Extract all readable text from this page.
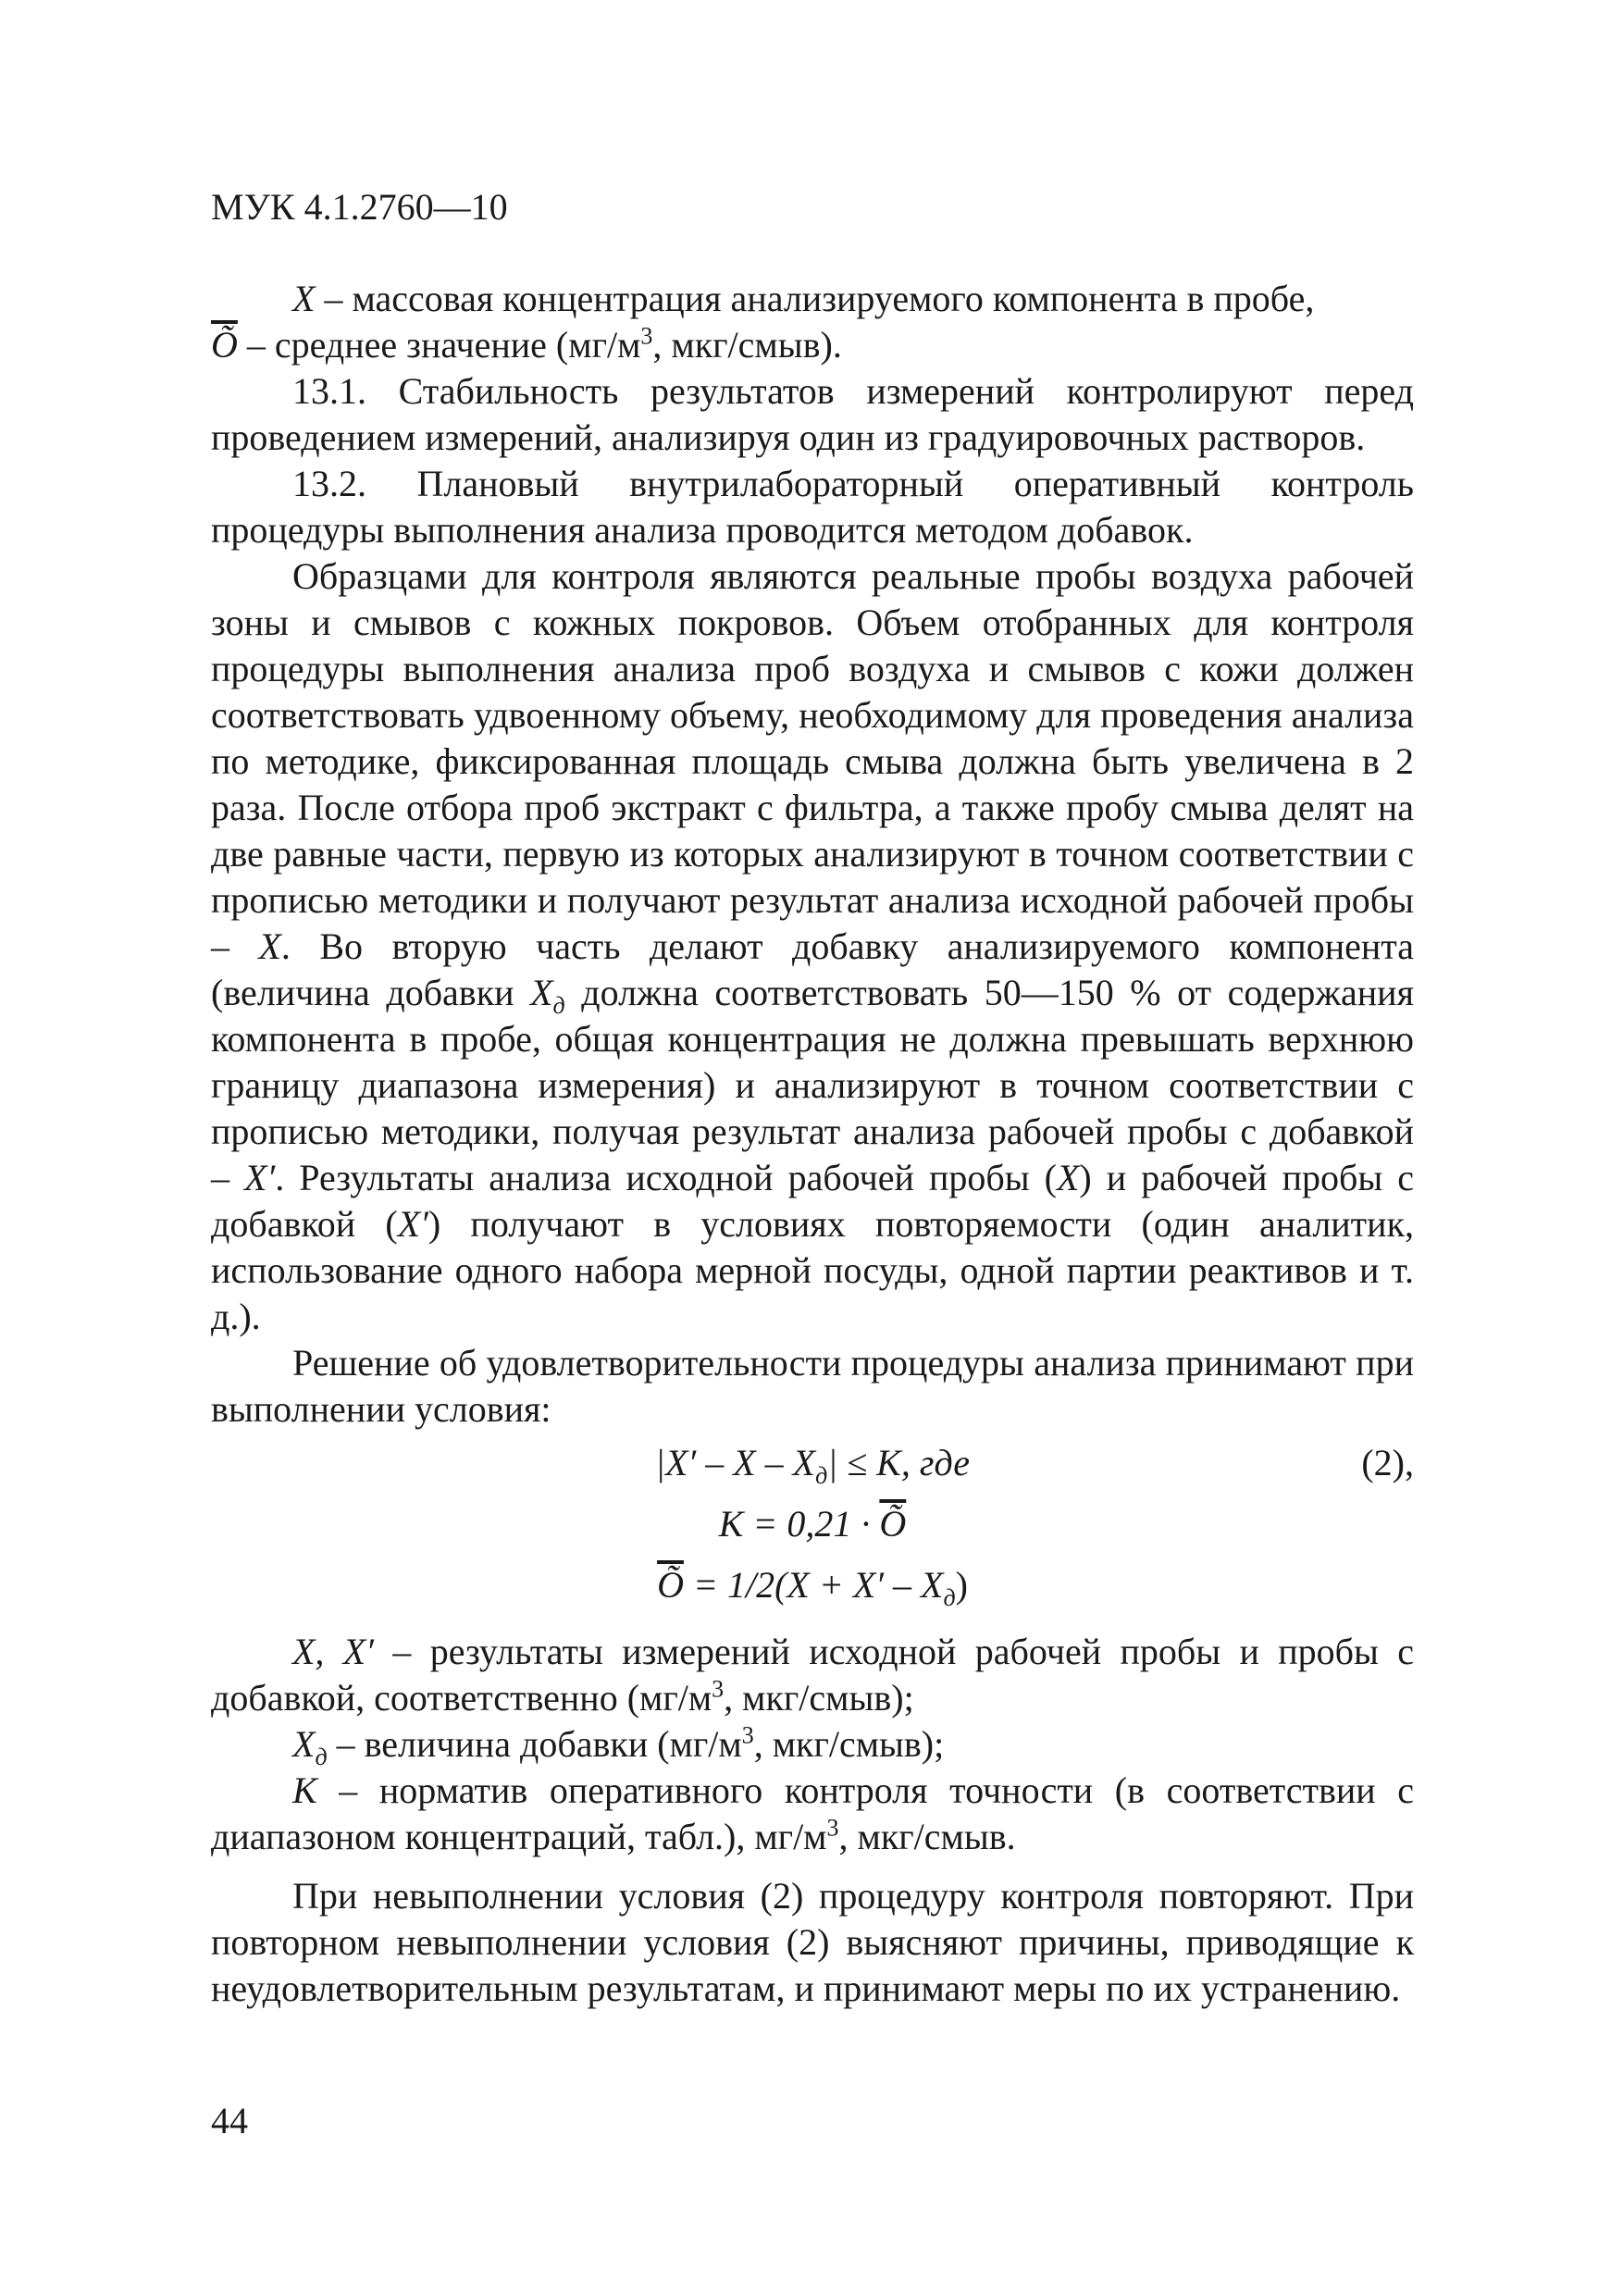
МУК 4.1.2760—10

X – массовая концентрация анализируемого компонента в пробе,

$\overline{Õ}$ – среднее значение ($мг/м^3$, мкг/смыв).

13.1. Стабильность результатов измерений контролируют перед проведением измерений, анализируя один из градуировочных растворов.

13.2. Плановый внутрилабораторный оперативный контроль процедуры выполнения анализа проводится методом добавок.

Образцами для контроля являются реальные пробы воздуха рабочей зоны и смывов с кожных покровов. Объем отобранных для контроля процедуры выполнения анализа проб воздуха и смывов с кожи должен соответствовать удвоенному объему, необходимому для проведения анализа по методике, фиксированная площадь смыва должна быть увеличена в 2 раза. После отбора проб экстракт с фильтра, а также пробу смыва делят на две равные части, первую из которых анализируют в точном соответствии с прописью методики и получают результат анализа исходной рабочей пробы – X. Во вторую часть делают добавку анализируемого компонента (величина добавки $X_д$ должна соответствовать 50—150 % от содержания компонента в пробе, общая концентрация не должна превышать верхнюю границу диапазона измерения) и анализируют в точном соответствии с прописью методики, получая результат анализа рабочей пробы с добавкой – X′. Результаты анализа исходной рабочей пробы (X) и рабочей пробы с добавкой (X′) получают в условиях повторяемости (один аналитик, использование одного набора мерной посуды, одной партии реактивов и т. д.).

Решение об удовлетворительности процедуры анализа принимают при выполнении условия:

$|X' - X - X_д| \le K$, где	(2),
$K = 0,21 \cdot \overline{Õ}$
$\overline{Õ} = 1/2(X + X' - X_д)$

X, X′ – результаты измерений исходной рабочей пробы и пробы с добавкой, соответственно ($мг/м^3$, мкг/смыв);

$X_д$ – величина добавки ($мг/м^3$, мкг/смыв);

K – норматив оперативного контроля точности (в соответствии с диапазоном концентраций, табл.), $мг/м^3$, мкг/смыв.

При невыполнении условия (2) процедуру контроля повторяют. При повторном невыполнении условия (2) выясняют причины, приводящие к неудовлетворительным результатам, и принимают меры по их устранению.

44
